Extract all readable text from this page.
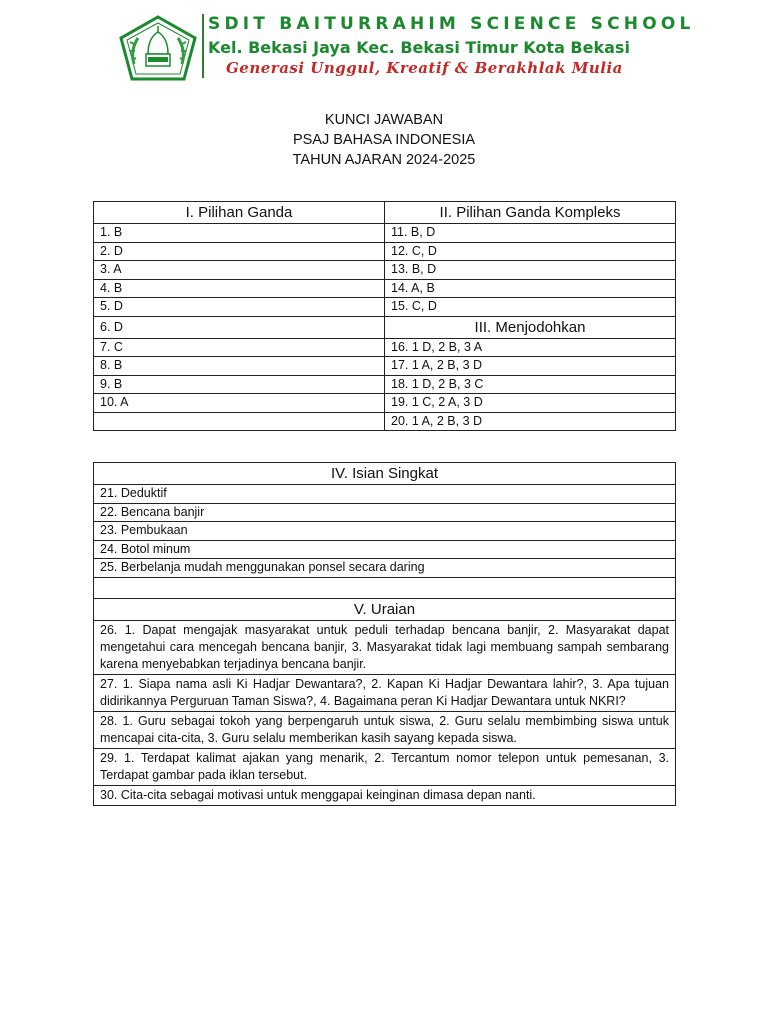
SDIT BAITURRAHIM SCIENCE SCHOOL
Kel. Bekasi Jaya Kec. Bekasi Timur Kota Bekasi
Generasi Unggul, Kreatif & Berakhlak Mulia
KUNCI JAWABAN
PSAJ BAHASA INDONESIA
TAHUN AJARAN 2024-2025
I. Pilihan Ganda	II. Pilihan Ganda Kompleks
1. B	11. B, D
2. D	12. C, D
3. A	13. B, D
4. B	14. A, B
5. D	15. C, D
6. D	III. Menjodohkan
7. C	16. 1 D, 2 B, 3 A
8. B	17. 1 A, 2 B, 3 D
9. B	18. 1 D, 2 B, 3 C
10. A	19. 1 C, 2 A, 3 D
	20. 1 A, 2 B, 3 D
IV. Isian Singkat
21. Deduktif
22. Bencana banjir
23. Pembukaan
24. Botol minum
25. Berbelanja mudah menggunakan ponsel secara daring

V. Uraian
26. 1. Dapat mengajak masyarakat untuk peduli terhadap bencana banjir, 2. Masyarakat dapat mengetahui cara mencegah bencana banjir, 3. Masyarakat tidak lagi membuang sampah sembarang karena menyebabkan terjadinya bencana banjir.
27. 1. Siapa nama asli Ki Hadjar Dewantara?, 2. Kapan Ki Hadjar Dewantara lahir?, 3. Apa tujuan didirikannya Perguruan Taman Siswa?, 4. Bagaimana peran Ki Hadjar Dewantara untuk NKRI?
28. 1. Guru sebagai tokoh yang berpengaruh untuk siswa, 2. Guru selalu membimbing siswa untuk mencapai cita-cita, 3. Guru selalu memberikan kasih sayang kepada siswa.
29. 1. Terdapat kalimat ajakan yang menarik, 2. Tercantum nomor telepon untuk pemesanan, 3. Terdapat gambar pada iklan tersebut.
30. Cita-cita sebagai motivasi untuk menggapai keinginan dimasa depan nanti.
